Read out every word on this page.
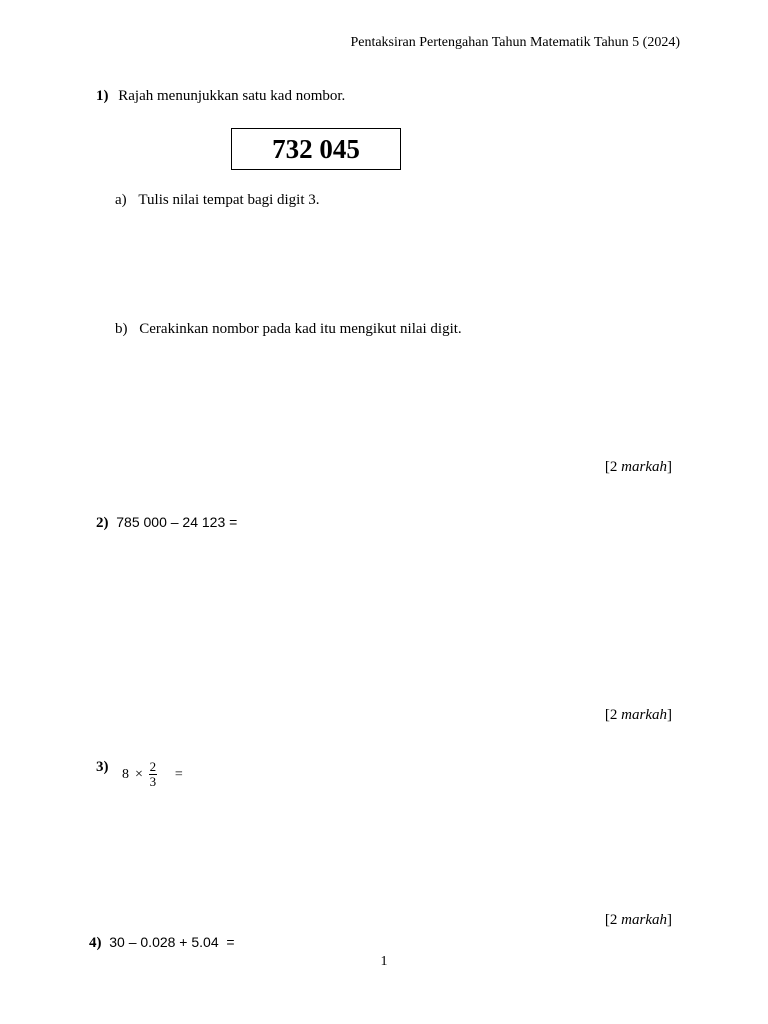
Pentaksiran Pertengahan Tahun Matematik Tahun 5 (2024)
1) Rajah menunjukkan satu kad nombor.
732 045
a) Tulis nilai tempat bagi digit 3.
b) Cerakinkan nombor pada kad itu mengikut nilai digit.
[2 markah]
2) 785 000 – 24 123 =
[2 markah]
3) $8 \times \frac{2}{3}$ =
[2 markah]
4) 30 – 0.028 + 5.04  =
1
